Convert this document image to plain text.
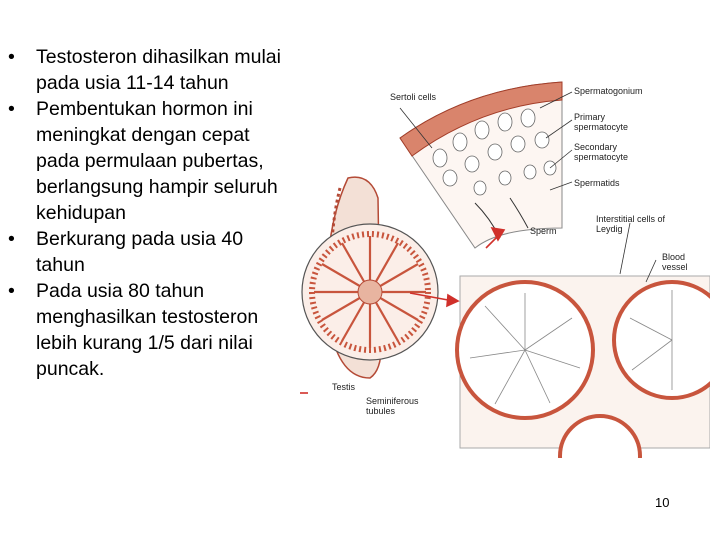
• Testosteron dihasilkan mulai pada usia 11-14 tahun
• Pembentukan hormon ini meningkat dengan cepat pada permulaan pubertas, berlangsung hampir seluruh kehidupan
• Berkurang pada usia 40 tahun
• Pada usia 80 tahun menghasilkan testosteron lebih kurang 1/5 dari nilai puncak.
Sertoli cells
Spermatogonium
Primary spermatocyte
Secondary spermatocyte
Spermatids
Sperm
Interstitial cells of Leydig
Blood vessel
Testis
Seminiferous tubules
10
